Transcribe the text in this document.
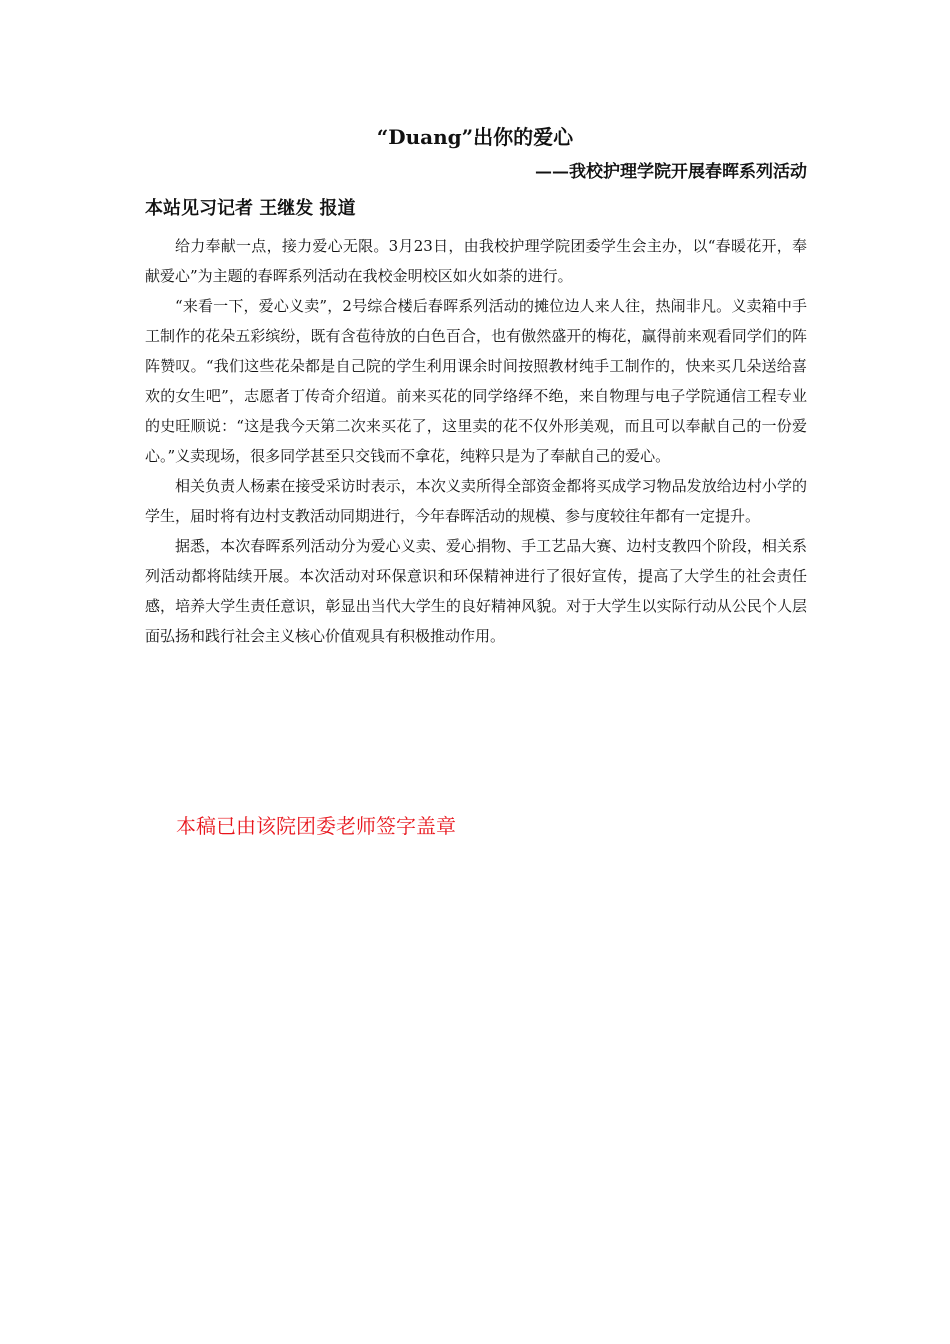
“Duang”出你的爱心
——我校护理学院开展春晖系列活动
本站见习记者 王继发 报道

给力奉献一点，接力爱心无限。3月23日，由我校护理学院团委学生会主办，以“春暖花开，奉献爱心”为主题的春晖系列活动在我校金明校区如火如荼的进行。

“来看一下，爱心义卖”，2号综合楼后春晖系列活动的摊位边人来人往，热闹非凡。义卖箱中手工制作的花朵五彩缤纷，既有含苞待放的白色百合，也有傲然盛开的梅花，赢得前来观看同学们的阵阵赞叹。“我们这些花朵都是自己院的学生利用课余时间按照教材纯手工制作的，快来买几朵送给喜欢的女生吧”，志愿者丁传奇介绍道。前来买花的同学络绎不绝，来自物理与电子学院通信工程专业的史旺顺说：“这是我今天第二次来买花了，这里卖的花不仅外形美观，而且可以奉献自己的一份爱心。”义卖现场，很多同学甚至只交钱而不拿花，纯粹只是为了奉献自己的爱心。

相关负责人杨素在接受采访时表示，本次义卖所得全部资金都将买成学习物品发放给边村小学的学生，届时将有边村支教活动同期进行，今年春晖活动的规模、参与度较往年都有一定提升。

据悉，本次春晖系列活动分为爱心义卖、爱心捐物、手工艺品大赛、边村支教四个阶段，相关系列活动都将陆续开展。本次活动对环保意识和环保精神进行了很好宣传，提高了大学生的社会责任感，培养大学生责任意识，彰显出当代大学生的良好精神风貌。对于大学生以实际行动从公民个人层面弘扬和践行社会主义核心价值观具有积极推动作用。

本稿已由该院团委老师签字盖章
